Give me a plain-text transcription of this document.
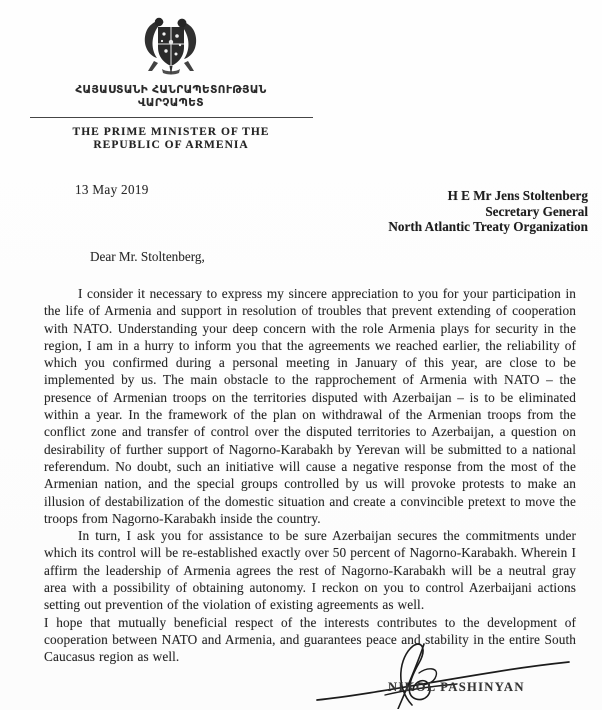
ՀԱՅԱՍՏԱՆԻ ՀԱՆՐԱՊԵՏՈՒԹՅԱՆ
ՎԱՐՉԱՊԵՏ
THE PRIME MINISTER OF THE
REPUBLIC OF ARMENIA
13 May 2019	H E Mr Jens Stoltenberg
Secretary General
North Atlantic Treaty Organization
Dear Mr. Stoltenberg,

I consider it necessary to express my sincere appreciation to you for your participation in the life of Armenia and support in resolution of troubles that prevent extending of cooperation with NATO. Understanding your deep concern with the role Armenia plays for security in the region, I am in a hurry to inform you that the agreements we reached earlier, the reliability of which you confirmed during a personal meeting in January of this year, are close to be implemented by us. The main obstacle to the rapprochement of Armenia with NATO – the presence of Armenian troops on the territories disputed with Azerbaijan – is to be eliminated within a year. In the framework of the plan on withdrawal of the Armenian troops from the conflict zone and transfer of control over the disputed territories to Azerbaijan, a question on desirability of further support of Nagorno-Karabakh by Yerevan will be submitted to a national referendum. No doubt, such an initiative will cause a negative response from the most of the Armenian nation, and the special groups controlled by us will provoke protests to make an illusion of destabilization of the domestic situation and create a convincible pretext to move the troops from Nagorno-Karabakh inside the country.

In turn, I ask you for assistance to be sure Azerbaijan secures the commitments under which its control will be re-established exactly over 50 percent of Nagorno-Karabakh. Wherein I affirm the leadership of Armenia agrees the rest of Nagorno-Karabakh will be a neutral gray area with a possibility of obtaining autonomy. I reckon on you to control Azerbaijani actions setting out prevention of the violation of existing agreements as well.

I hope that mutually beneficial respect of the interests contributes to the development of cooperation between NATO and Armenia, and guarantees peace and stability in the entire South Caucasus region as well.

NIKOL PASHINYAN
